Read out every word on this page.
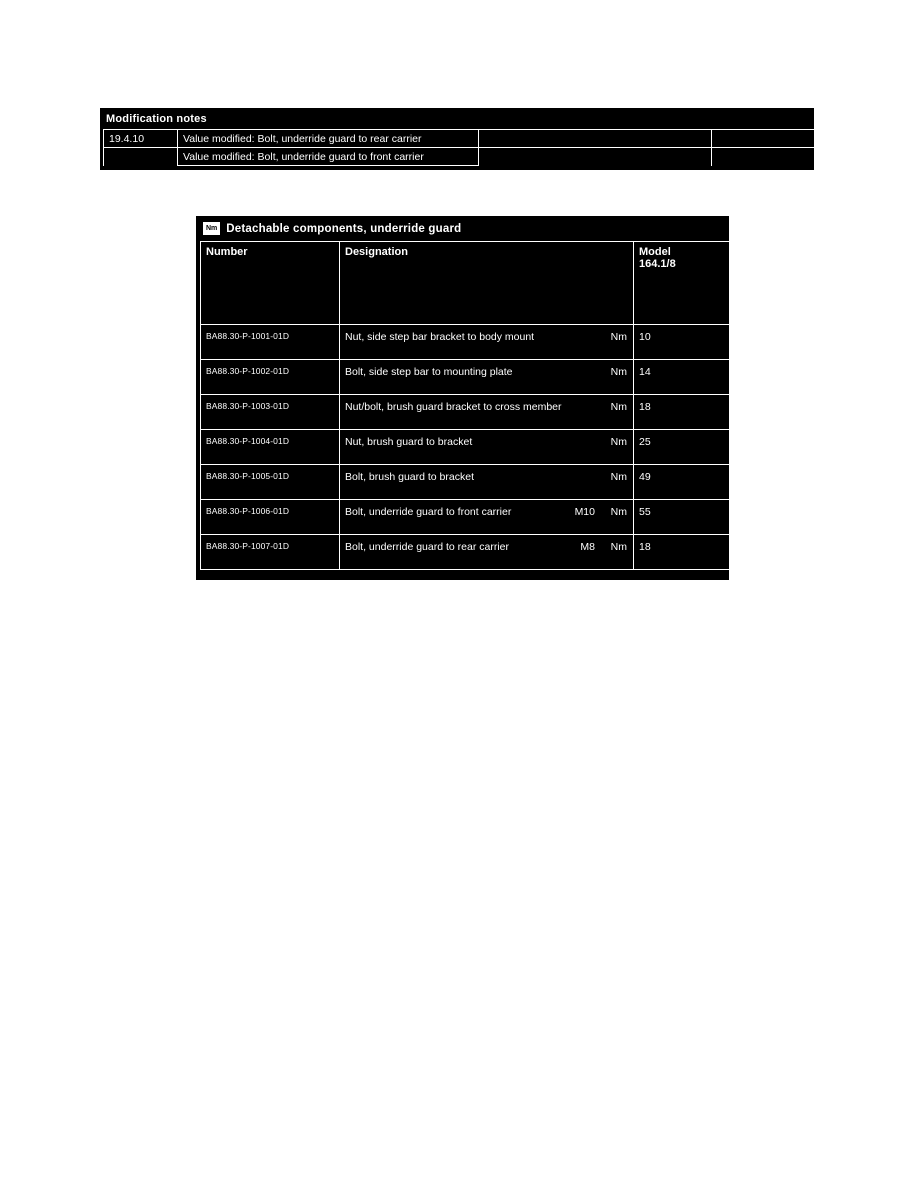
Modification notes
19.4.10	Value modified: Bolt, underride guard to rear carrier		
	Value modified: Bolt, underride guard to front carrier		
Nm Detachable components, underride guard
Number	Designation	Model
164.1/8

BA88.30-P-1001-01D	Nut, side step bar bracket to body mount Nm	10
BA88.30-P-1002-01D	Bolt, side step bar to mounting plate Nm	14
BA88.30-P-1003-01D	Nut/bolt, brush guard bracket to cross member Nm	18
BA88.30-P-1004-01D	Nut, brush guard to bracket Nm	25
BA88.30-P-1005-01D	Bolt, brush guard to bracket Nm	49
BA88.30-P-1006-01D	Bolt, underride guard to front carrier M10 Nm	55
BA88.30-P-1007-01D	Bolt, underride guard to rear carrier M8 Nm	18
